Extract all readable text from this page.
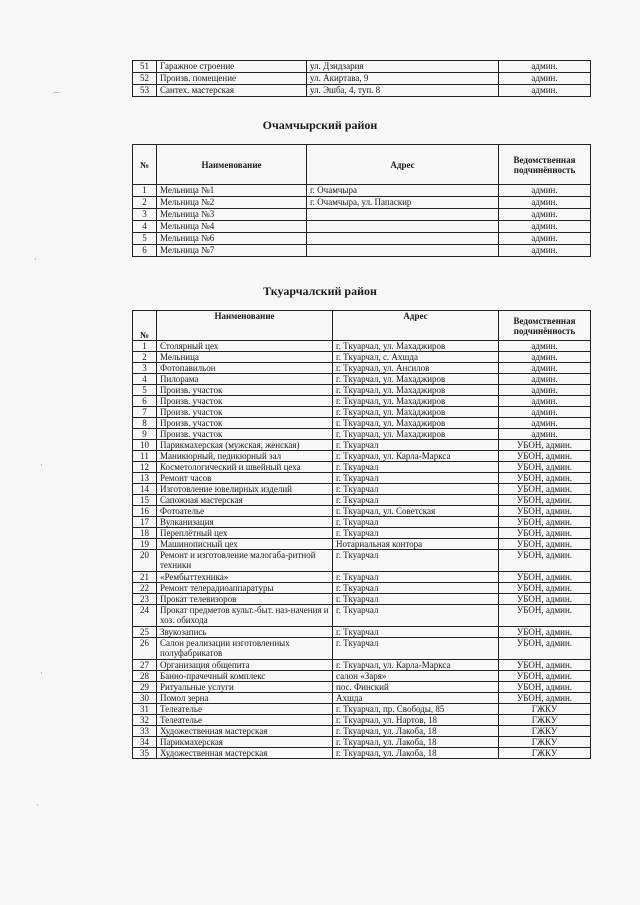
51	Гаражное строение	ул. Дзидзария	админ.
52	Произв. помещение	ул. Акиртава, 9	админ.
53	Сантех. мастерская	ул. Эшба, 4, туп. 8	админ.
Очамчырский район
№	Наименование	Адрес	Ведомственная подчинённость
1	Мельница №1	г. Очамчыра	админ.
2	Мельница №2	г. Очамчыра, ул. Папаскир	админ.
3	Мельница №3		админ.
4	Мельница №4		админ.
5	Мельница №6		админ.
6	Мельница №7		админ.
Ткуарчалский район
№	Наименование	Адрес	Ведомственная подчинённость
1	Столярный цех	г. Ткуарчал, ул. Махаджиров	админ.
2	Мельница	г. Ткуарчал, с. Ахшда	админ.
3	Фотопавильон	г. Ткуарчал, ул. Ансилов	админ.
4	Пилорама	г. Ткуарчал, ул. Махаджиров	админ.
5	Произв. участок	г. Ткуарчал, ул. Махаджиров	админ.
6	Произв. участок	г. Ткуарчал, ул. Махаджиров	админ.
7	Произв. участок	г. Ткуарчал, ул. Махаджиров	админ.
8	Произв. участок	г. Ткуарчал, ул. Махаджиров	админ.
9	Произв. участок	г. Ткуарчал, ул. Махаджиров	админ.
10	Парикмахерская (мужская, женская)	г. Ткуарчал	УБОН, админ.
11	Маникюрный, педикюрный зал	г. Ткуарчал, ул. Карла-Маркса	УБОН, админ.
12	Косметологический и швейный цеха	г. Ткуарчал	УБОН, админ.
13	Ремонт часов	г. Ткуарчал	УБОН, админ.
14	Изготовление ювелирных изделий	г. Ткуарчал	УБОН, админ.
15	Сапожная мастерская	г. Ткуарчал	УБОН, админ.
16	Фотоателье	г. Ткуарчал, ул. Советская	УБОН, админ.
17	Вулканизация	г. Ткуарчал	УБОН, админ.
18	Переплётный цех	г. Ткуарчал	УБОН, админ.
19	Машинописный цех	Нотариальная контора	УБОН, админ.
20	Ремонт и изготовление малогаба-ритной техники	г. Ткуарчал	УБОН, админ.
21	«Рембыттехника»	г. Ткуарчал	УБОН, админ.
22	Ремонт телерадиоаппаратуры	г. Ткуарчал	УБОН, админ.
23	Прокат телевизоров	г. Ткуарчал	УБОН, админ.
24	Прокат предметов культ.-быт. наз-начения и хоз. обихода	г. Ткуарчал	УБОН, админ.
25	Звукозапись	г. Ткуарчал	УБОН, админ.
26	Салон реализации изготовленных полуфабрикатов	г. Ткуарчал	УБОН, админ.
27	Организация общепита	г. Ткуарчал, ул. Карла-Маркса	УБОН, админ.
28	Банно-прачечный комплекс	салон «Заря»	УБОН, админ.
29	Ритуальные услуги	пос. Финский	УБОН, админ.
30	Помол зерна	Ахшда	УБОН, админ.
31	Телеателье	г. Ткуарчал, пр. Свободы, 85	ГЖКУ
32	Телеателье	г. Ткуарчал, ул. Нартов, 18	ГЖКУ
33	Художественная мастерская	г. Ткуарчал, ул. Лакоба, 18	ГЖКУ
34	Парикмахерская	г. Ткуарчал, ул. Лакоба, 18	ГЖКУ
35	Художественная мастерская	г. Ткуарчал, ул. Лакоба, 18	ГЖКУ
⌒
·
·
·
·
